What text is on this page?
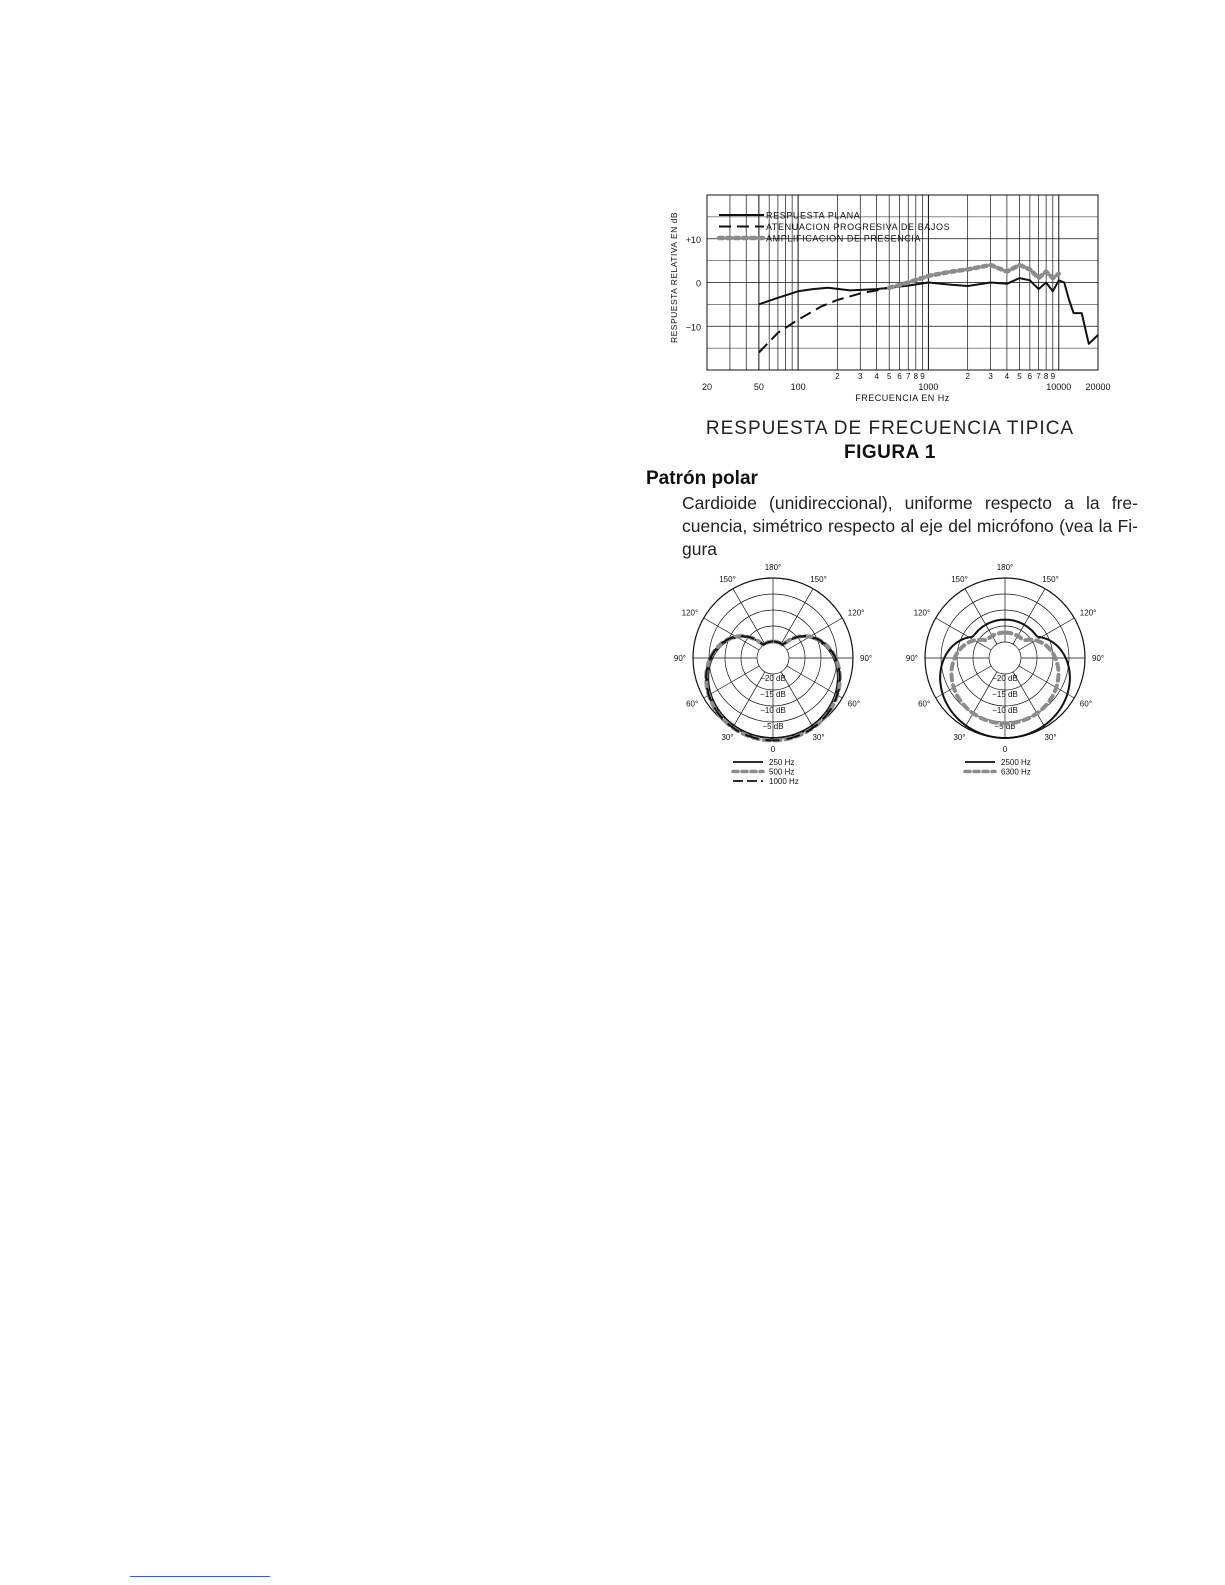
+10
0
−10
20	50	100	1000	10000 20000
2 3 4 5 6 7 8 9	2 3 4 5 6 7 8 9
FRECUENCIA EN Hz
RESPUESTA RELATIVA EN dB	RESPUESTA PLANA
ATENUACION PROGRESIVA DE BAJOS
AMPLIFICACION DE PRESENCIA
RESPUESTA DE FRECUENCIA TIPICA
FIGURA 1
Patrón polar
Cardioide (unidireccional), uniforme respecto a la fre-cuencia, simétrico respecto al eje del micrófono (vea la Fi-gura
180°
150°	150°
120°	120°
90°	90°
60°	60°
30°	30°
0
−20 dB
−15 dB
−10 dB
−5 dB
250 Hz
500 Hz
1000 Hz
180°
150°	150°
120°	120°
90°	90°
60°	60°
30°	30°
0
−20 dB
−15 dB
−10 dB
−5 dB
2500 Hz
6300 Hz
